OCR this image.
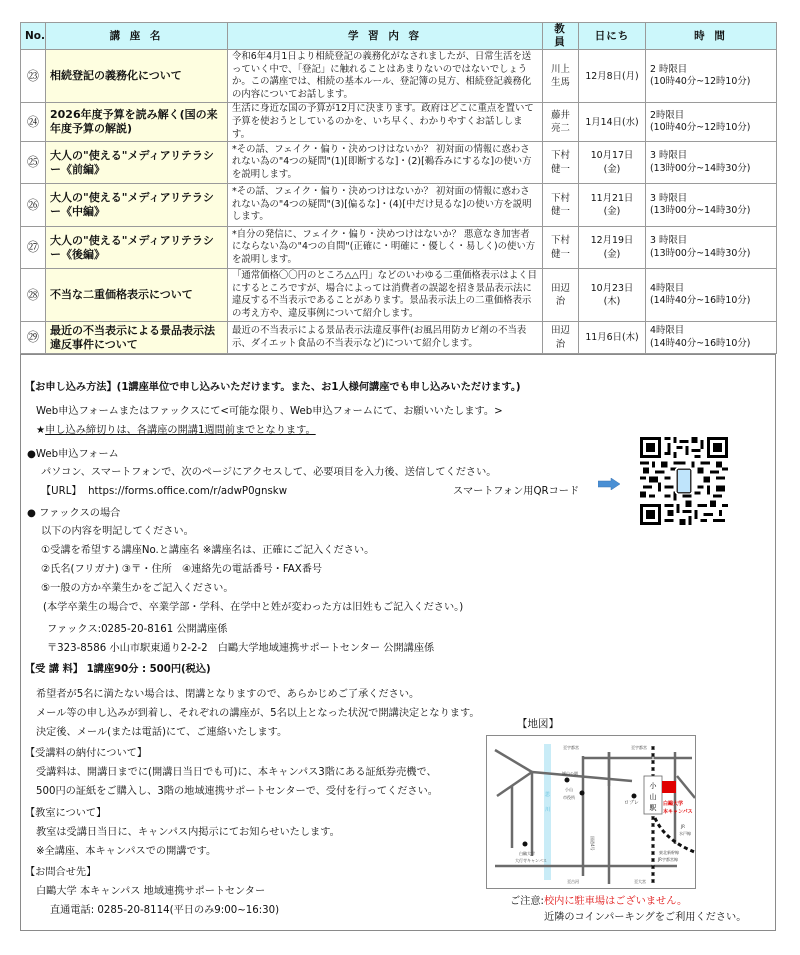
No.	講 座 名	学 習 内 容	教 員	日にち	時 間
㉓	相続登記の義務化について	令和6年4月1日より相続登記の義務化がなされましたが、日常生活を送っていく中で、「登記」に触れることはあまりないのではないでしょうか。この講座では、相続の基本ルール、登記簿の見方、相続登記義務化の内容についてお話します。	川上 生馬	12月8日(月)	2 時限目
(10時40分~12時10分)

㉔	2026年度予算を読み解く(国の来年度予算の解説)	生活に身近な国の予算が12月に決まります。政府はどこに重点を置いて予算を使おうとしているのかを、いち早く、わかりやすくお話しします。	藤井 亮二	1月14日(水)	2時限目
(10時40分~12時10分)

㉕	大人の"使える"メディアリテラシー《前編》	*その話、フェイク・偏り・決めつけはないか？ 初対面の情報に惑わされない為の"4つの疑問"(1)[即断するな]・(2)[鵜呑みにするな]の使い方を説明します。	下村 健一	10月17日(金)	3 時限目
(13時00分~14時30分)

㉖	大人の"使える"メディアリテラシー《中編》	*その話、フェイク・偏り・決めつけはないか？ 初対面の情報に惑わされない為の"4つの疑問"(3)[偏るな]・(4)[中だけ見るな]の使い方を説明します。	下村 健一	11月21日(金)	3 時限目
(13時00分~14時30分)

㉗	大人の"使える"メディアリテラシー《後編》	*自分の発信に、フェイク・偏り・決めつけはないか？ 悪意なき加害者にならない為の"4つの自問"(正確に・明確に・優しく・易しく)の使い方を説明します。	下村 健一	12月19日(金)	3 時限目
(13時00分~14時30分)

㉘	不当な二重価格表示について	「通常価格〇〇円のところ△△円」などのいわゆる二重価格表示はよく目にするところですが、場合によっては消費者の誤認を招き景品表示法に違反する不当表示であることがあります。景品表示法上の二重価格表示の考え方や、違反事例について紹介します。	田辺 治	10月23日(木)	4時限目
(14時40分~16時10分)

㉙	最近の不当表示による景品表示法違反事件について	最近の不当表示による景品表示法違反事件(お風呂用防カビ剤の不当表示、ダイエット食品の不当表示など)について紹介します。	田辺 治	11月6日(木)	4時限目
(14時40分~16時10分)
【お申し込み方法】(1講座単位で申し込みいただけます。また、お1人様何講座でも申し込みいただけます。)
Web申込フォームまたはファックスにて<可能な限り、Web申込フォームにて、お願いいたします。>
★申し込み締切りは、各講座の開講1週間前までとなります。
●Web申込フォーム
パソコン、スマートフォンで、次のページにアクセスして、必要項目を入力後、送信してください。
【URL】 https://forms.office.com/r/adwP0gnskw	スマートフォン用QRコード
● ファックスの場合
以下の内容を明記してください。
①受講を希望する講座No.と講座名 ※講座名は、正確にご記入ください。
②氏名(フリガナ) ③〒・住所　④連絡先の電話番号・FAX番号
⑤一般の方か卒業生かをご記入ください。
(本学卒業生の場合で、卒業学部・学科、在学中と姓が変わった方は旧姓もご記入ください。)
ファックス:0285-20-8161 公開講座係
〒323-8586 小山市駅東通り2-2-2　白鷗大学地域連携サポートセンター 公開講座係
【受 講 料】 1講座90分 : 500円(税込)
希望者が5名に満たない場合は、閉講となりますので、あらかじめご了承ください。
メール等の申し込みが到着し、それぞれの講座が、5名以上となった状況で開講決定となります。
決定後、メール(または電話)にて、ご連絡いたします。
【受講料の納付について】
受講料は、開講日までに(開講日当日でも可)に、本キャンパス3階にある証紙券売機で、
500円の証紙をご購入し、3階の地域連携サポートセンターで、受付を行ってください。
【教室について】
教室は受講日当日に、キャンパス内掲示にてお知らせいたします。
※全講座、本キャンパスでの開講です。
【お問合せ先】
白鷗大学 本キャンパス 地域連携サポートセンター
直通電話: 0285-20-8114(平日のみ9:00~16:30)
【地図】
思
川
小
山
駅 白鷗大学
本キャンパス
至宇都宮	至宇都宮
城山公園
小山
市役所
ロブレ
JR
水戸線
国道4号
白鷗大学
大行寺キャンパス
東北新幹線
JR宇都宮線
至古河	至大宮
ご注意:校内に駐車場はございません。
近隣のコインパーキングをご利用ください。
